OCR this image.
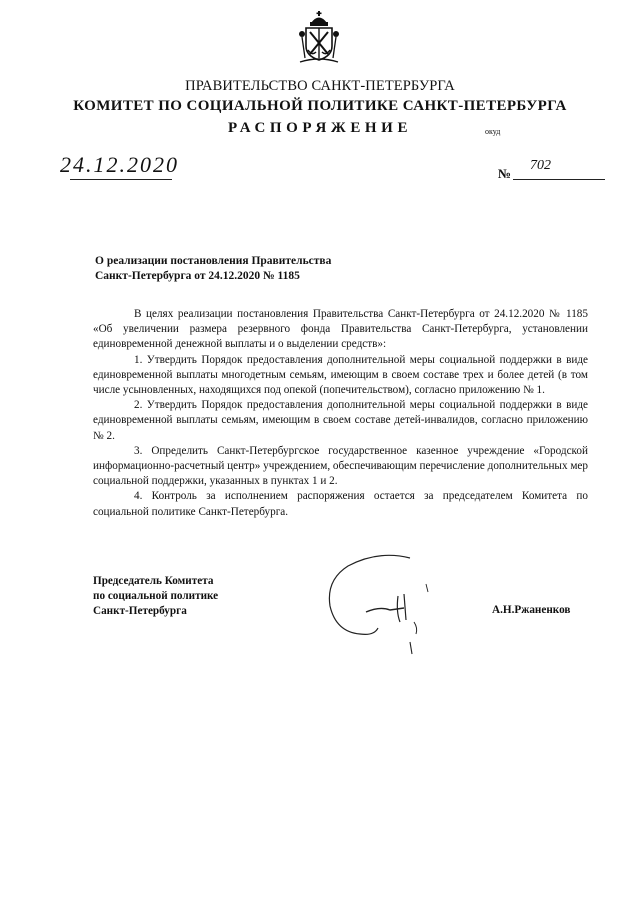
ПРАВИТЕЛЬСТВО САНКТ-ПЕТЕРБУРГА
КОМИТЕТ ПО СОЦИАЛЬНОЙ ПОЛИТИКЕ САНКТ-ПЕТЕРБУРГА
РАСПОРЯЖЕНИЕ	окуд
24.12.2020	№
702
О реализации постановления Правительства
Санкт-Петербурга от 24.12.2020 № 1185

В целях реализации постановления Правительства Санкт-Петербурга от 24.12.2020 № 1185 «Об увеличении размера резервного фонда Правительства Санкт-Петербурга, установлении единовременной денежной выплаты и о выделении средств»:

1. Утвердить Порядок предоставления дополнительной меры социальной поддержки в виде единовременной выплаты многодетным семьям, имеющим в своем составе трех и более детей (в том числе усыновленных, находящихся под опекой (попечительством), согласно приложению № 1.

2. Утвердить Порядок предоставления дополнительной меры социальной поддержки в виде единовременной выплаты семьям, имеющим в своем составе детей-инвалидов, согласно приложению № 2.

3. Определить Санкт-Петербургское государственное казенное учреждение «Городской информационно-расчетный центр» учреждением, обеспечивающим перечисление дополнительных мер социальной поддержки, указанных в пунктах 1 и 2.

4. Контроль за исполнением распоряжения остается за председателем Комитета по социальной политике Санкт-Петербурга.

Председатель Комитета
по социальной политике
Санкт-Петербурга	А.Н.Ржаненков
